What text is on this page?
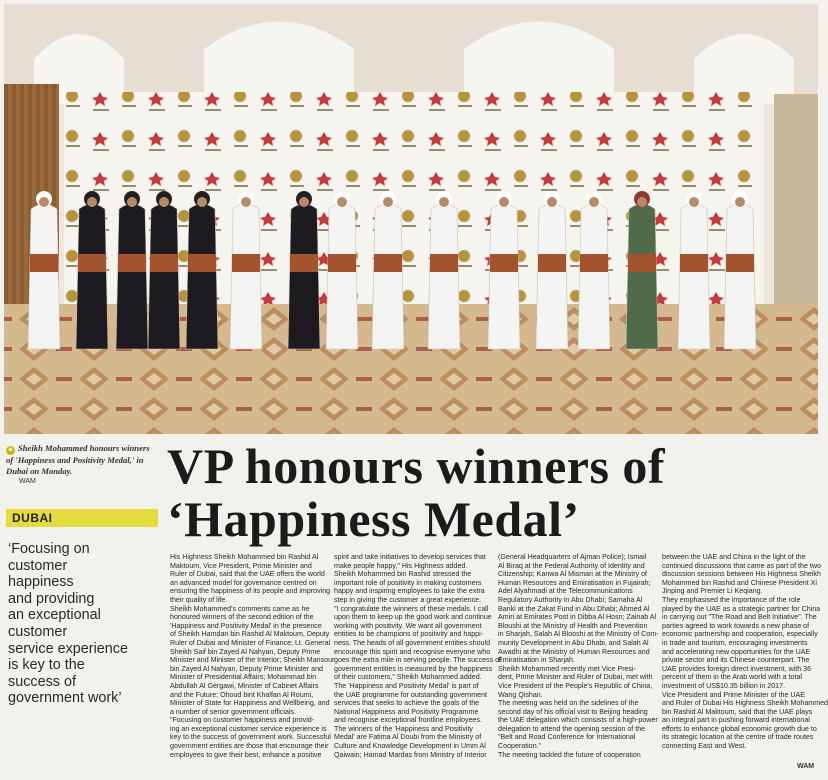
✦ Sheikh Mohammed honours winners
of 'Happiness and Positivity Medal,' in
Dubai on Monday.
WAM	VP honours winners of
‘Happiness Medal’
DUBAI
‘Focusing on
customer
happiness
and providing
an exceptional
customer
service experience
is key to the
success of
government work’
His Highness Sheikh Mohammed bin Rashid Al
Maktoum, Vice President, Prime Minister and
Ruler of Dubai, said that the UAE offers the world
an advanced model for governance centred on
ensuring the happiness of its people and improving
their quality of life.
Sheikh Mohammed's comments came as he
honoured winners of the second edition of the
'Happiness and Positivity Medal' in the presence
of Sheikh Hamdan bin Rashid Al Maktoum, Deputy
Ruler of Dubai and Minister of Finance; Lt. General
Sheikh Saif bin Zayed Al Nahyan, Deputy Prime
Minister and Minister of the Interior; Sheikh Mansour
bin Zayed Al Nahyan, Deputy Prime Minister and
Minister of Presidential Affairs; Mohammad bin
Abdullah Al Gergawi, Minister of Cabinet Affairs
and the Future; Ohoud bint Khalfan Al Roumi,
Minister of State for Happiness and Wellbeing, and
a number of senior government officials.
"Focusing on customer happiness and provid-
ing an exceptional customer service experience is
key to the success of government work. Successful
government entities are those that encourage their
employees to give their best, enhance a positive
spirit and take initiatives to develop services that
make people happy," His Highness added.
Sheikh Mohammed bin Rashid stressed the
important role of positivity in making customers
happy and inspiring employees to take the extra
step in giving the customer a great experience.
"I congratulate the winners of these medals. I call
upon them to keep up the good work and continue
working with positivity. We want all government
entities to be champions of positivity and happi-
ness. The heads of all government entities should
encourage this spirit and recognise everyone who
goes the extra mile in serving people. The success of
government entities is measured by the happiness
of their customers," Sheikh Mohammed added.
The 'Happiness and Positivity Medal' is part of
the UAE programme for outstanding government
services that seeks to achieve the goals of the
National Happiness and Positivity Programme
and recognise exceptional frontline employees.
The winners of the 'Happiness and Positivity
Medal' are Fatima Al Doubi from the Ministry of
Culture and Knowledge Development in Umm Al
Qaiwain; Hamad Mardas from Ministry of Interior
(General Headquarters of Ajman Police); Ismail
Al Biraq at the Federal Authority of Identity and
Citizenship; Kanwa Al Mismari at the Ministry of
Human Resources and Emiratisation in Fujairah;
Adel Alyahmadi at the Telecommunications
Regulatory Authority in Abu Dhabi; Samaha Al
Bariki at the Zakat Fund in Abu Dhabi; Ahmed Al
Amiri at Emirates Post in Dibba Al Hosn; Zainab Al
Bloushi at the Ministry of Health and Prevention
in Sharjah, Salah Al Blooshi at the Ministry of Com-
munity Development in Abu Dhabi, and Salah Al
Awadhi at the Ministry of Human Resources and
Emiratisation in Sharjah.
Sheikh Mohammed recently met Vice Presi-
dent, Prime Minister and Ruler of Dubai, met with
Vice President of the People's Republic of China,
Wang Qishan.
The meeting was held on the sidelines of the
second day of his official visit to Beijing heading
the UAE delegation which consists of a high-power
delegation to attend the opening session of the
"Belt and Road Conference for International
Cooperation."
The meeting tackled the future of cooperation
between the UAE and China in the light of the
continued discussions that came as part of the two
discussion sessions between His Highness Sheikh
Mohammed bin Rashid and Chinese President Xi
Jinping and Premier Li Keqiang.
They emphasised the importance of the role
played by the UAE as a strategic partner for China
in carrying out "The Road and Belt Initiative". The
parties agreed to work towards a new phase of
economic partnership and cooperation, especially
in trade and tourism, encouraging investments
and accelerating new opportunities for the UAE
private sector and its Chinese counterpart. The
UAE provides foreign direct investment, with 36
percent of them in the Arab world with a total
investment of US$10.35 billion in 2017.
Vice President and Prime Minister of the UAE
and Ruler of Dubai His Highness Sheikh Mohammed
bin Rashid Al Maktoum, said that the UAE plays
an integral part in pushing forward international
efforts to enhance global economic growth due to
its strategic location at the centre of trade routes
connecting East and West.
WAM
